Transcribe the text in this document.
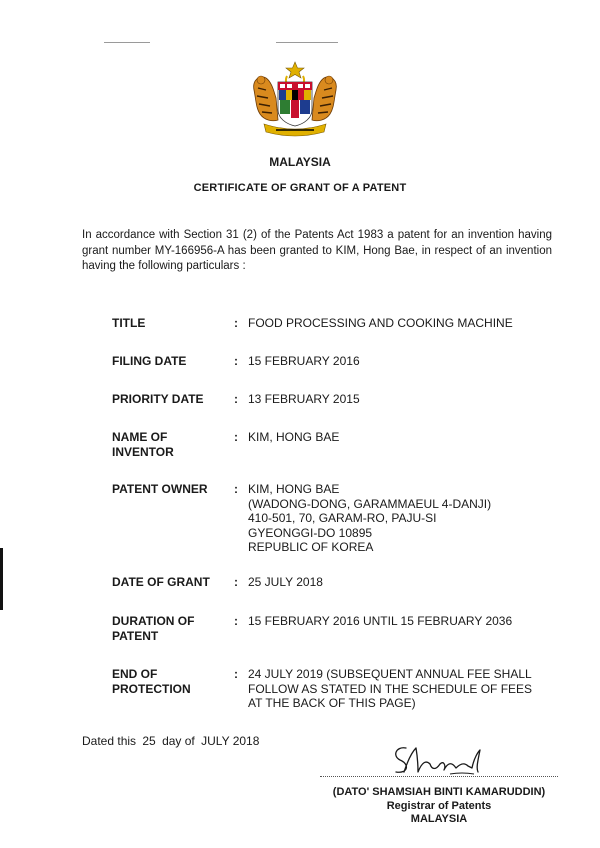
MALAYSIA
CERTIFICATE OF GRANT OF A PATENT
In accordance with Section 31 (2) of the Patents Act 1983 a patent for an invention having grant number MY-166956-A has been granted to KIM, Hong Bae, in respect of an invention having the following particulars :
TITLE	: FOOD PROCESSING AND COOKING MACHINE
FILING DATE	: 15 FEBRUARY 2016
PRIORITY DATE	: 13 FEBRUARY 2015
NAME OF
INVENTOR
: KIM, HONG BAE
PATENT OWNER	: KIM, HONG BAE
(WADONG-DONG, GARAMMAEUL 4-DANJI)
410-501, 70, GARAM-RO, PAJU-SI
GYEONGGI-DO 10895
REPUBLIC OF KOREA
DATE OF GRANT	: 25 JULY 2018
DURATION OF
PATENT
: 15 FEBRUARY 2016 UNTIL 15 FEBRUARY 2036
END OF
PROTECTION
: 24 JULY 2019 (SUBSEQUENT ANNUAL FEE SHALL
FOLLOW AS STATED IN THE SCHEDULE OF FEES
AT THE BACK OF THIS PAGE)
Dated this 25 day of JULY 2018
(DATO' SHAMSIAH BINTI KAMARUDDIN)
Registrar of Patents
MALAYSIA
